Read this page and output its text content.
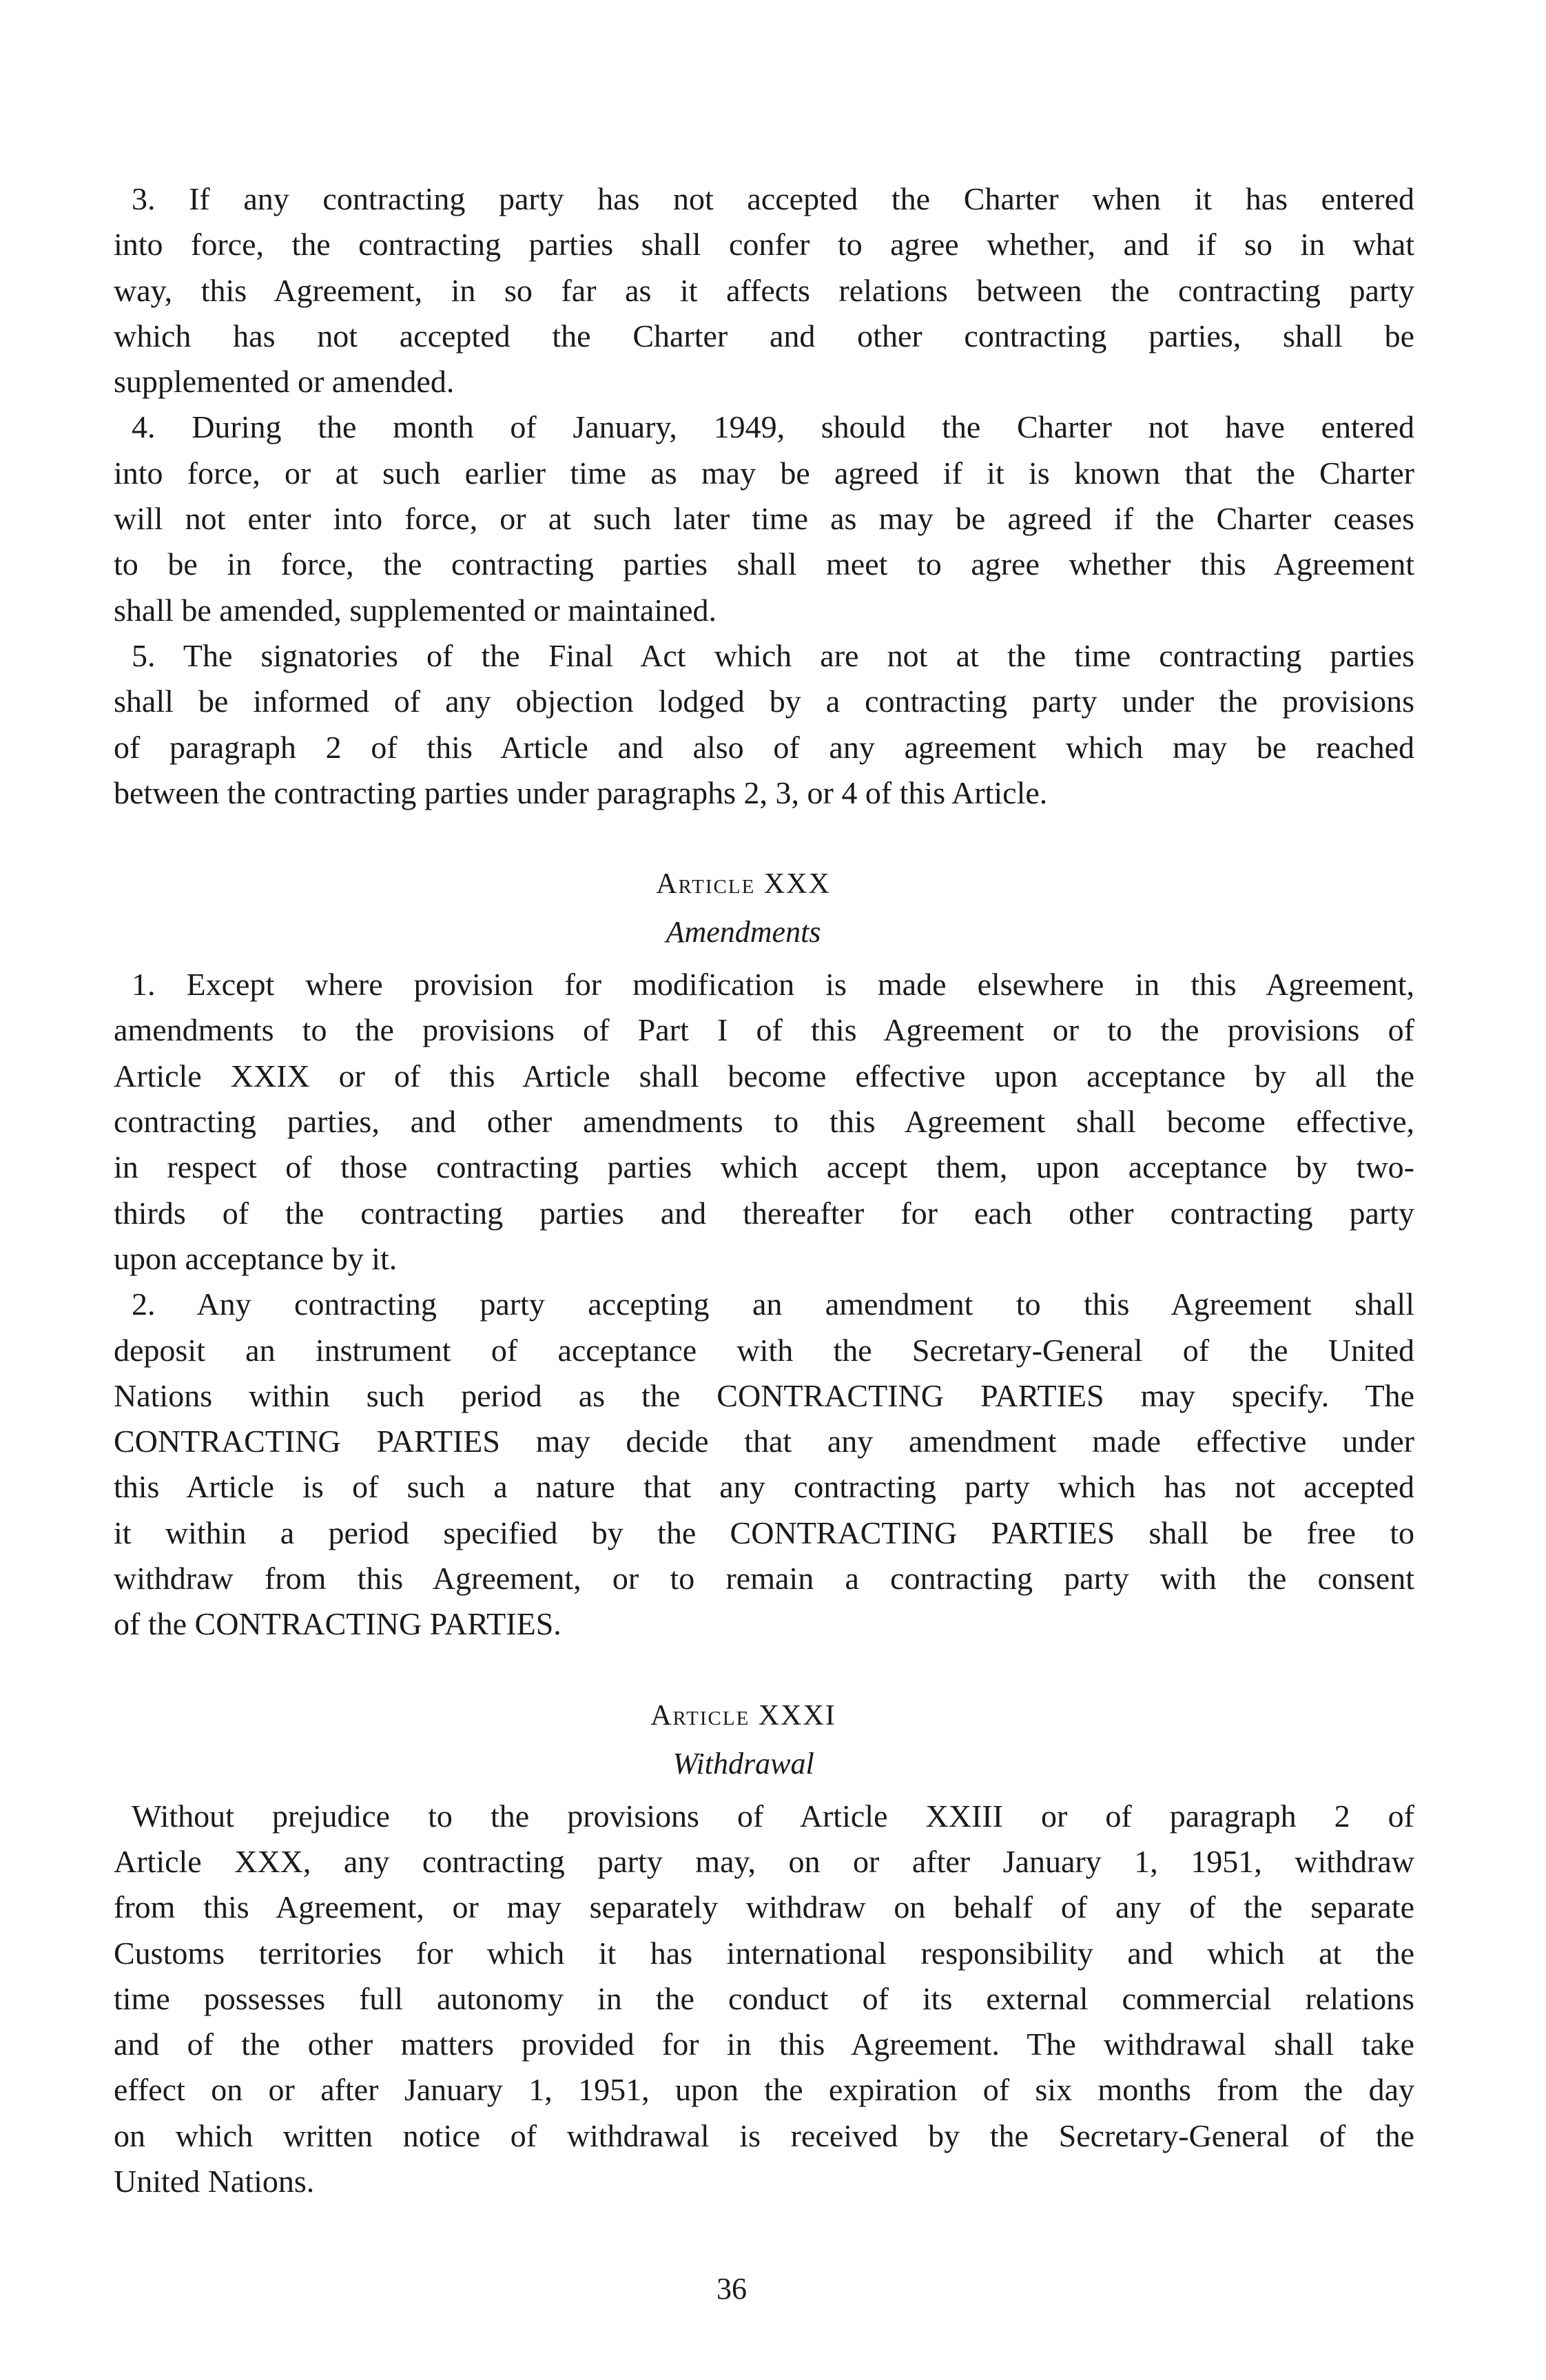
3. If any contracting party has not accepted the Charter when it has entered
into force, the contracting parties shall confer to agree whether, and if so in what
way, this Agreement, in so far as it affects relations between the contracting party
which has not accepted the Charter and other contracting parties, shall be
supplemented or amended.
4. During the month of January, 1949, should the Charter not have entered
into force, or at such earlier time as may be agreed if it is known that the Charter
will not enter into force, or at such later time as may be agreed if the Charter ceases
to be in force, the contracting parties shall meet to agree whether this Agreement
shall be amended, supplemented or maintained.
5. The signatories of the Final Act which are not at the time contracting parties
shall be informed of any objection lodged by a contracting party under the provisions
of paragraph 2 of this Article and also of any agreement which may be reached
between the contracting parties under paragraphs 2, 3, or 4 of this Article.
Article XXX
Amendments
1. Except where provision for modification is made elsewhere in this Agreement,
amendments to the provisions of Part I of this Agreement or to the provisions of
Article XXIX or of this Article shall become effective upon acceptance by all the
contracting parties, and other amendments to this Agreement shall become effective,
in respect of those contracting parties which accept them, upon acceptance by two-
thirds of the contracting parties and thereafter for each other contracting party
upon acceptance by it.
2. Any contracting party accepting an amendment to this Agreement shall
deposit an instrument of acceptance with the Secretary-General of the United
Nations within such period as the CONTRACTING PARTIES may specify. The
CONTRACTING PARTIES may decide that any amendment made effective under
this Article is of such a nature that any contracting party which has not accepted
it within a period specified by the CONTRACTING PARTIES shall be free to
withdraw from this Agreement, or to remain a contracting party with the consent
of the CONTRACTING PARTIES.
Article XXXI
Withdrawal
Without prejudice to the provisions of Article XXIII or of paragraph 2 of
Article XXX, any contracting party may, on or after January 1, 1951, withdraw
from this Agreement, or may separately withdraw on behalf of any of the separate
Customs territories for which it has international responsibility and which at the
time possesses full autonomy in the conduct of its external commercial relations
and of the other matters provided for in this Agreement. The withdrawal shall take
effect on or after January 1, 1951, upon the expiration of six months from the day
on which written notice of withdrawal is received by the Secretary-General of the
United Nations.
36
